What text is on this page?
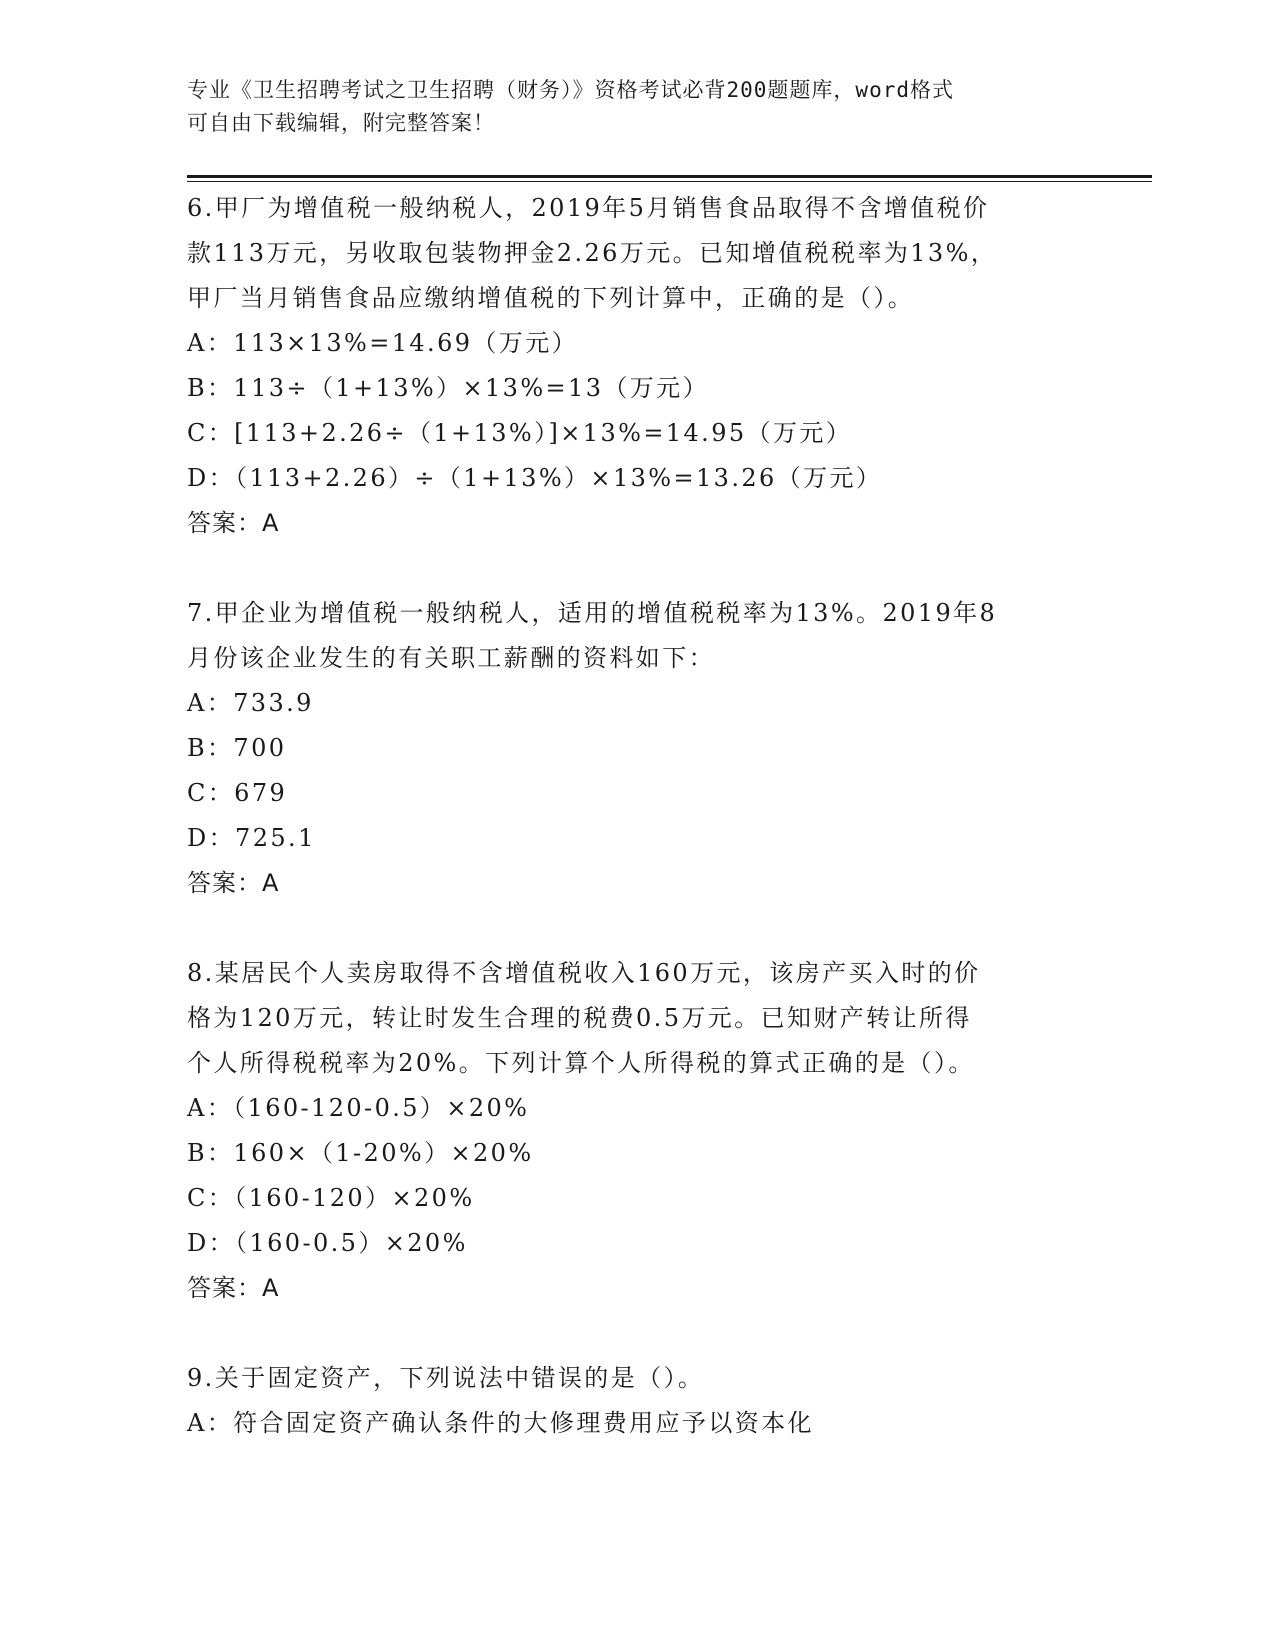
专业《卫生招聘考试之卫生招聘（财务）》资格考试必背200题题库，word格式
可自由下载编辑，附完整答案！
6.甲厂为增值税一般纳税人，2019年5月销售食品取得不含增值税价
款113万元，另收取包装物押金2.26万元。已知增值税税率为13%，
甲厂当月销售食品应缴纳增值税的下列计算中，正确的是（）。
A：113×13%=14.69（万元）
B：113÷（1+13%）×13%=13（万元）
C：[113+2.26÷（1+13%）]×13%=14.95（万元）
D：（113+2.26）÷（1+13%）×13%=13.26（万元）
答案：A
7.甲企业为增值税一般纳税人，适用的增值税税率为13%。2019年8
月份该企业发生的有关职工薪酬的资料如下：
A：733.9
B：700
C：679
D：725.1
答案：A
8.某居民个人卖房取得不含增值税收入160万元，该房产买入时的价
格为120万元，转让时发生合理的税费0.5万元。已知财产转让所得
个人所得税税率为20%。下列计算个人所得税的算式正确的是（）。
A：（160-120-0.5）×20%
B：160×（1-20%）×20%
C：（160-120）×20%
D：（160-0.5）×20%
答案：A
9.关于固定资产，下列说法中错误的是（）。
A：符合固定资产确认条件的大修理费用应予以资本化
